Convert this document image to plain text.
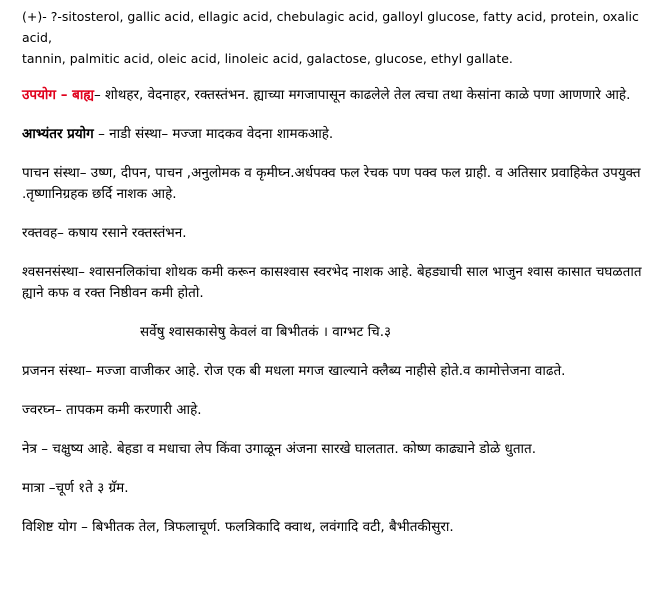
(+)- ?-sitosterol, gallic acid, ellagic acid, chebulagic acid, galloyl glucose, fatty acid, protein, oxalic acid,
tannin, palmitic acid, oleic acid, linoleic acid, galactose, glucose, ethyl gallate.
उपयोग – बाह्य– शोथहर, वेदनाहर, रक्तस्तंभन. ह्याच्या मगजापासून काढलेले तेल त्वचा तथा केसांना काळे पणा आणणारे आहे.
आभ्यंतर प्रयोग – नाडी संस्था– मज्जा मादकव वेदना शामकआहे.
पाचन संस्था– उष्ण, दीपन, पाचन ,अनुलोमक व कृमीघ्न.अर्धपक्व फल रेचक पण पक्व फल ग्राही. व अतिसार प्रवाहिकेत उपयुक्त .तृष्णानिग्रहक छर्दि नाशक आहे.
रक्तवह– कषाय रसाने रक्तस्तंभन.
श्वसनसंस्था– श्वासनलिकांचा शोथक कमी करून कासश्वास स्वरभेद नाशक आहे. बेहड्याची साल भाजुन श्वास कासात चघळतात ह्याने कफ व रक्त निष्ठीवन कमी होतो.
सर्वेषु श्वासकासेषु केवलं वा बिभीतकं । वाग्भट चि.३
प्रजनन संस्था– मज्जा वाजीकर आहे. रोज एक बी मधला मगज खाल्याने क्लैब्य नाहीसे होते.व कामोत्तेजना वाढते.
ज्वरघ्न– तापकम कमी करणारी आहे.
नेत्र – चक्षुष्य आहे. बेहडा व मधाचा लेप किंवा उगाळून अंजना सारखे घालतात. कोष्ण काढ्याने डोळे धुतात.
मात्रा –चूर्ण १ते ३ ग्रॅम.
विशिष्ट योग – बिभीतक तेल, त्रिफलाचूर्ण. फलत्रिकादि क्वाथ, लवंगादि वटी, बैभीतकीसुरा.
